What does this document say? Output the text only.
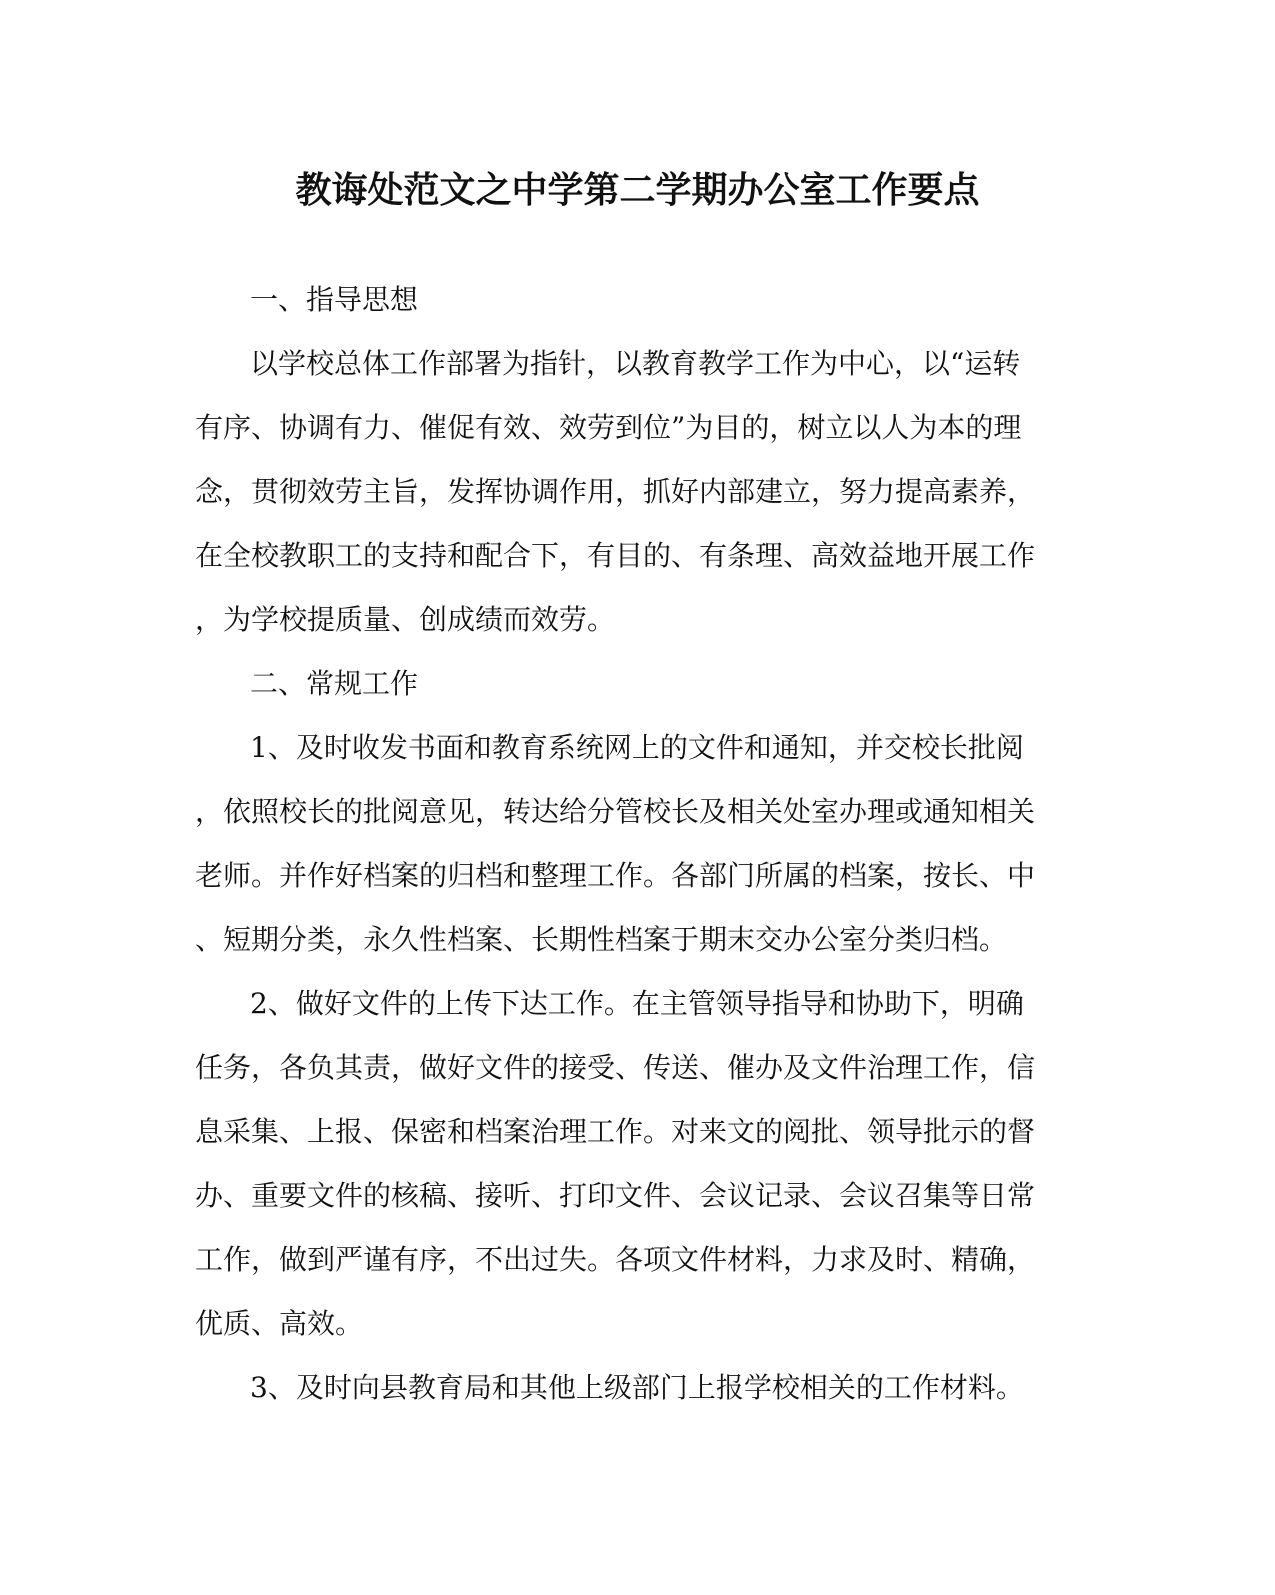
教诲处范文之中学第二学期办公室工作要点

一、指导思想

以学校总体工作部署为指针，以教育教学工作为中心，以“运转

有序、协调有力、催促有效、效劳到位”为目的，树立以人为本的理

念，贯彻效劳主旨，发挥协调作用，抓好内部建立，努力提高素养，

在全校教职工的支持和配合下，有目的、有条理、高效益地开展工作

，为学校提质量、创成绩而效劳。

二、常规工作

1、及时收发书面和教育系统网上的文件和通知，并交校长批阅

，依照校长的批阅意见，转达给分管校长及相关处室办理或通知相关

老师。并作好档案的归档和整理工作。各部门所属的档案，按长、中

、短期分类，永久性档案、长期性档案于期末交办公室分类归档。

2、做好文件的上传下达工作。在主管领导指导和协助下，明确

任务，各负其责，做好文件的接受、传送、催办及文件治理工作，信

息采集、上报、保密和档案治理工作。对来文的阅批、领导批示的督

办、重要文件的核稿、接听、打印文件、会议记录、会议召集等日常

工作，做到严谨有序，不出过失。各项文件材料，力求及时、精确，

优质、高效。

3、及时向县教育局和其他上级部门上报学校相关的工作材料。
